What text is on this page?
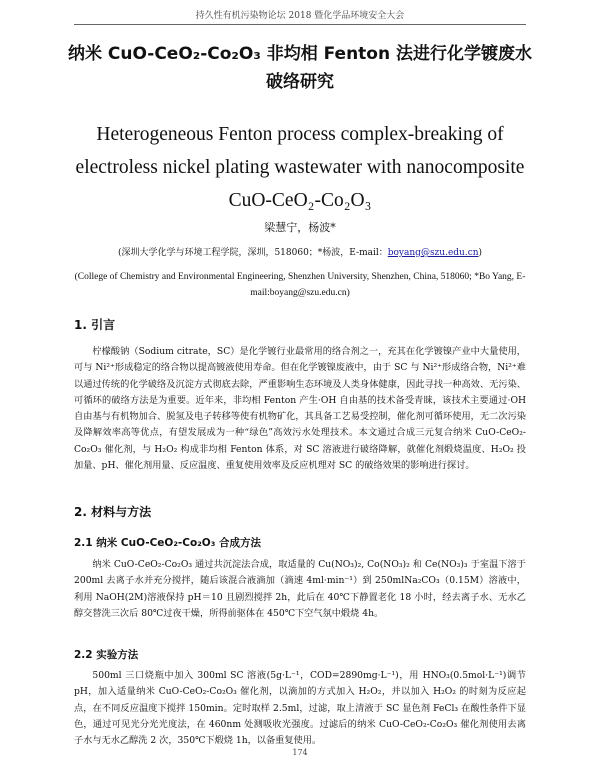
持久性有机污染物论坛 2018 暨化学品环境安全大会
纳米 CuO-CeO₂-Co₂O₃ 非均相 Fenton 法进行化学镀废水破络研究
Heterogeneous Fenton process complex-breaking of electroless nickel plating wastewater with nanocomposite CuO-CeO₂-Co₂O₃
梁慧宁，杨波*
(深圳大学化学与环境工程学院，深圳，518060；*杨波，E-mail：boyang@szu.edu.cn)
(College of Chemistry and Environmental Engineering, Shenzhen University, Shenzhen, China, 518060; *Bo Yang, E-mail:boyang@szu.edu.cn)
1. 引言

柠檬酸钠（Sodium citrate，SC）是化学镀行业最常用的络合剂之一，充其在化学镀镍产业中大量使用，可与 Ni²⁺形成稳定的络合物以提高镀液使用寿命。但在化学镀镍废液中，由于 SC 与 Ni²⁺形成络合物，Ni²⁺难以通过传统的化学破络及沉淀方式彻底去除，严重影响生态环境及人类身体健康，因此寻找一种高效、无污染、可循环的破络方法是为重要。近年来，非均相 Fenton 产生·OH 自由基的技术备受青睐，该技术主要通过·OH 自由基与有机物加合、脱氢及电子转移等使有机物矿化，其具备工艺易受控制，催化剂可循环使用，无二次污染及降解效率高等优点，有望发展成为一种“绿色”高效污水处理技术。本文通过合成三元复合纳米 CuO-CeO₂-Co₂O₃ 催化剂，与 H₂O₂ 构成非均相 Fenton 体系，对 SC 溶液进行破络降解，就催化剂煅烧温度、H₂O₂ 投加量、pH、催化剂用量、反应温度、重复使用效率及反应机理对 SC 的破络效果的影响进行探讨。

2. 材料与方法
2.1 纳米 CuO-CeO₂-Co₂O₃ 合成方法

纳米 CuO-CeO₂-Co₂O₃ 通过共沉淀法合成，取适量的 Cu(NO₃)₂, Co(NO₃)₂ 和 Ce(NO₃)₃ 于室温下溶于 200ml 去离子水并充分搅拌，随后该混合液滴加（滴速 4ml·min⁻¹）到 250mlNa₂CO₃（0.15M）溶液中，利用 NaOH(2M)溶液保持 pH＝10 且剧烈搅拌 2h，此后在 40℃下静置老化 18 小时，经去离子水、无水乙醇交替洗三次后 80℃过夜干燥，所得前驱体在 450℃下空气氛中煅烧 4h。

2.2 实验方法

500ml 三口烧瓶中加入 300ml SC 溶液(5g·L⁻¹，COD=2890mg·L⁻¹)，用 HNO₃(0.5mol·L⁻¹)调节 pH，加入适量纳米 CuO-CeO₂-Co₂O₃ 催化剂，以滴加的方式加入 H₂O₂，并以加入 H₂O₂ 的时刻为反应起点，在不同反应温度下搅拌 150min。定时取样 2.5ml，过滤，取上清液于 SC 显色剂 FeCl₃ 在酸性条件下显色，通过可见光分光光度法，在 460nm 处测吸收光强度。过滤后的纳米 CuO-CeO₂-Co₂O₃ 催化剂使用去离子水与无水乙醇洗 2 次，350℃下煅烧 1h，以备重复使用。

174
